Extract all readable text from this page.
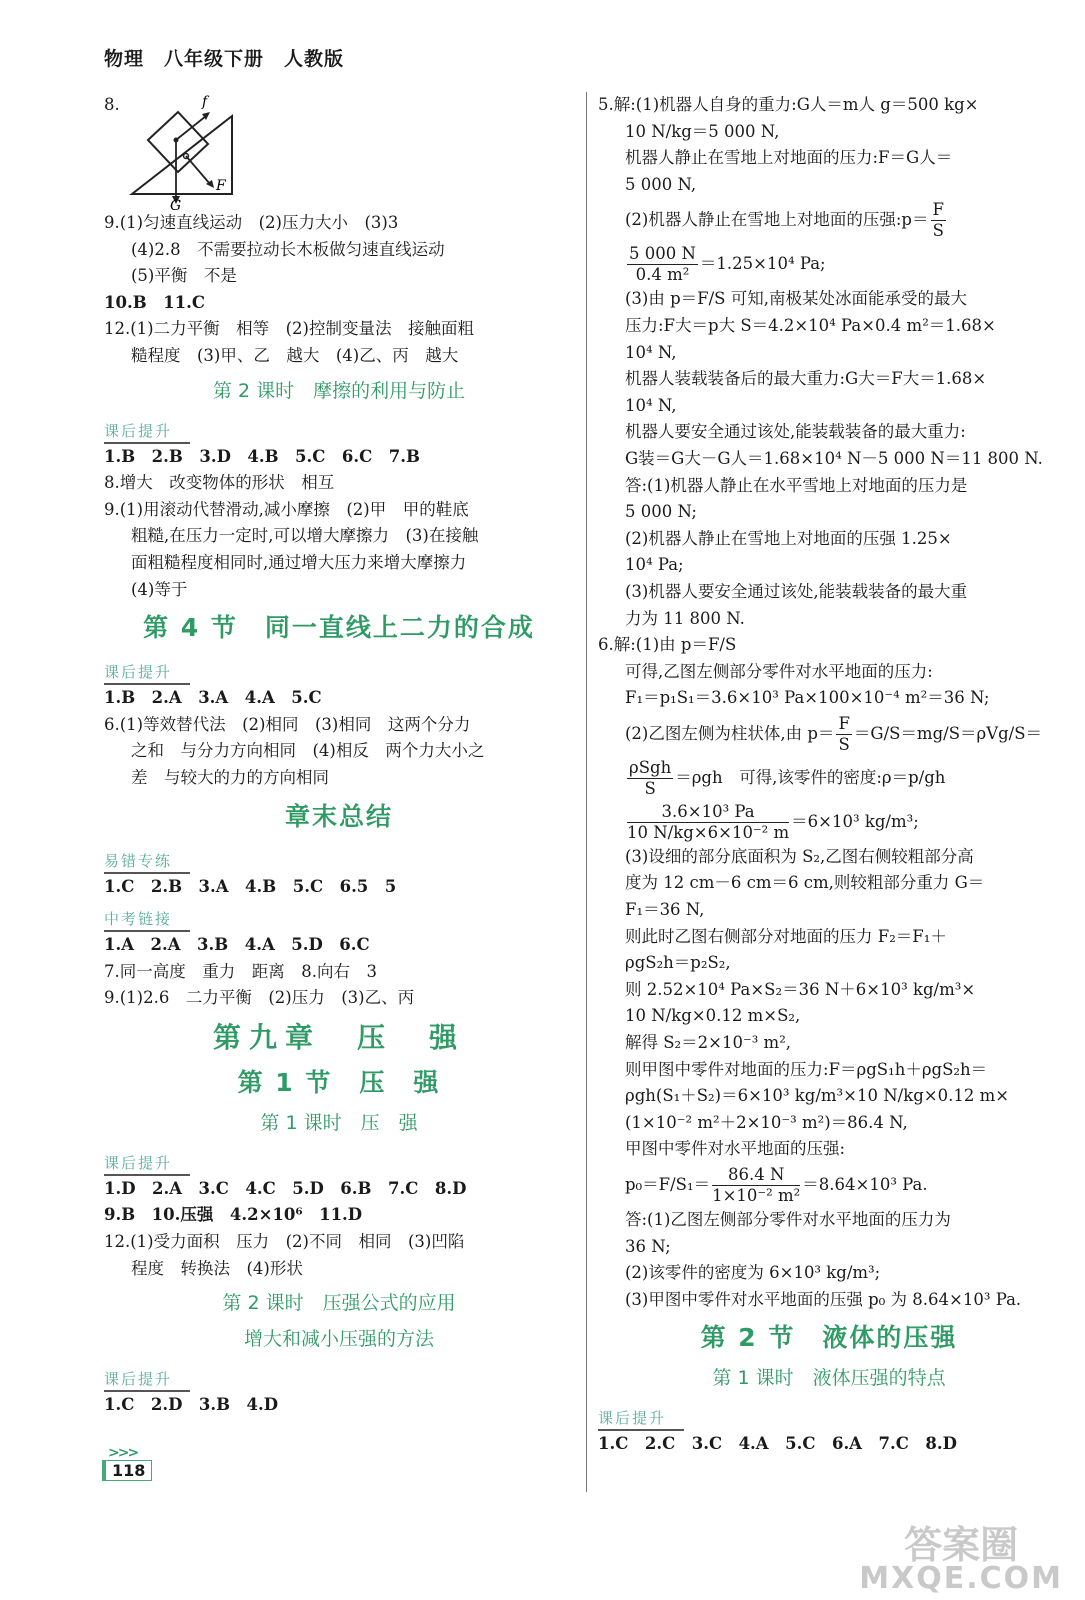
物理　八年级下册　人教版
8.	f
F
G
9.(1)匀速直线运动　(2)压力大小　(3)3
(4)2.8　不需要拉动长木板做匀速直线运动
(5)平衡　不是
10.B　11.C
12.(1)二力平衡　相等　(2)控制变量法　接触面粗
糙程度　(3)甲、乙　越大　(4)乙、丙　越大
第 2 课时　摩擦的利用与防止
课后提升
1.B　2.B　3.D　4.B　5.C　6.C　7.B
8.增大　改变物体的形状　相互
9.(1)用滚动代替滑动,减小摩擦　(2)甲　甲的鞋底
粗糙,在压力一定时,可以增大摩擦力　(3)在接触
面粗糙程度相同时,通过增大压力来增大摩擦力
(4)等于
第 4 节　同一直线上二力的合成
课后提升
1.B　2.A　3.A　4.A　5.C
6.(1)等效替代法　(2)相同　(3)相同　这两个分力
之和　与分力方向相同　(4)相反　两个力大小之
差　与较大的力的方向相同
章末总结
易错专练
1.C　2.B　3.A　4.B　5.C　6.5　5
中考链接
1.A　2.A　3.B　4.A　5.D　6.C
7.同一高度　重力　距离　8.向右　3
9.(1)2.6　二力平衡　(2)压力　(3)乙、丙
第九章　压　强
第 1 节　压　强
第 1 课时　压　强
课后提升
1.D　2.A　3.C　4.C　5.D　6.B　7.C　8.D
9.B　10.压强　4.2×10⁶　11.D
12.(1)受力面积　压力　(2)不同　相同　(3)凹陷
程度　转换法　(4)形状
第 2 课时　压强公式的应用
增大和减小压强的方法
课后提升
1.C　2.D　3.B　4.D
5.解:(1)机器人自身的重力:G人＝m人 g＝500 kg×
10 N/kg＝5 000 N,
机器人静止在雪地上对地面的压力:F＝G人＝
5 000 N,
(2)机器人静止在雪地上对地面的压强:p＝ $\frac{F}{S}$
$\frac{5 000 N}{\text{0.4 m²}} =1.25\times 10^4$ Pa;
(3)由 p＝F/S 可知,南极某处冰面能承受的最大
压力:F大＝p大 S＝4.2×10⁴ Pa×0.4 m²＝1.68×
10⁴ N,
机器人装载装备后的最大重力:G大＝F大＝1.68×
10⁴ N,
机器人要安全通过该处,能装载装备的最大重力:
G装＝G大－G人＝1.68×10⁴ N－5 000 N＝11 800 N.
答:(1)机器人静止在水平雪地上对地面的压力是
5 000 N;
(2)机器人静止在雪地上对地面的压强 1.25×
10⁴ Pa;
(3)机器人要安全通过该处,能装载装备的最大重
力为 11 800 N.
6.解:(1)由 p＝F/S
可得,乙图左侧部分零件对水平地面的压力:
F₁＝p₁S₁＝3.6×10³ Pa×100×10⁻⁴ m²＝36 N;
(2)乙图左侧为柱状体,由 $p= \frac{F}{S} =G/S=mg/S=\rho Vg/S=$
$\frac{\text{ρSgh}}{S} =\rho gh$　可得,该零件的密度:ρ＝p/gh
$\frac{\text{3.6×10³ Pa}}{\text{10 N/kg×6×10⁻² m}} =6\times 10^3$ kg/m³;
(3)设细的部分底面积为 S₂,乙图右侧较粗部分高
度为 12 cm－6 cm＝6 cm,则较粗部分重力 G＝
F₁＝36 N,
则此时乙图右侧部分对地面的压力 F₂＝F₁＋
ρgS₂h＝p₂S₂,
则 2.52×10⁴ Pa×S₂＝36 N＋6×10³ kg/m³×
10 N/kg×0.12 m×S₂,
解得 S₂＝2×10⁻³ m²,
则甲图中零件对地面的压力:F＝ρgS₁h＋ρgS₂h＝
ρgh(S₁＋S₂)＝6×10³ kg/m³×10 N/kg×0.12 m×
(1×10⁻² m²＋2×10⁻³ m²)＝86.4 N,
甲图中零件对水平地面的压强:
$p_0=F/S_1= \frac{86.4 N}{\text{1×10⁻² m²}} =8.64\times 10^3$ Pa.
答:(1)乙图左侧部分零件对水平地面的压力为
36 N;
(2)该零件的密度为 6×10³ kg/m³;
(3)甲图中零件对水平地面的压强 p₀ 为 8.64×10³ Pa.
第 2 节　液体的压强
第 1 课时　液体压强的特点
课后提升
1.C　2.C　3.C　4.A　5.C　6.A　7.C　8.D
>>>
118
答案圈
MXQE.COM
